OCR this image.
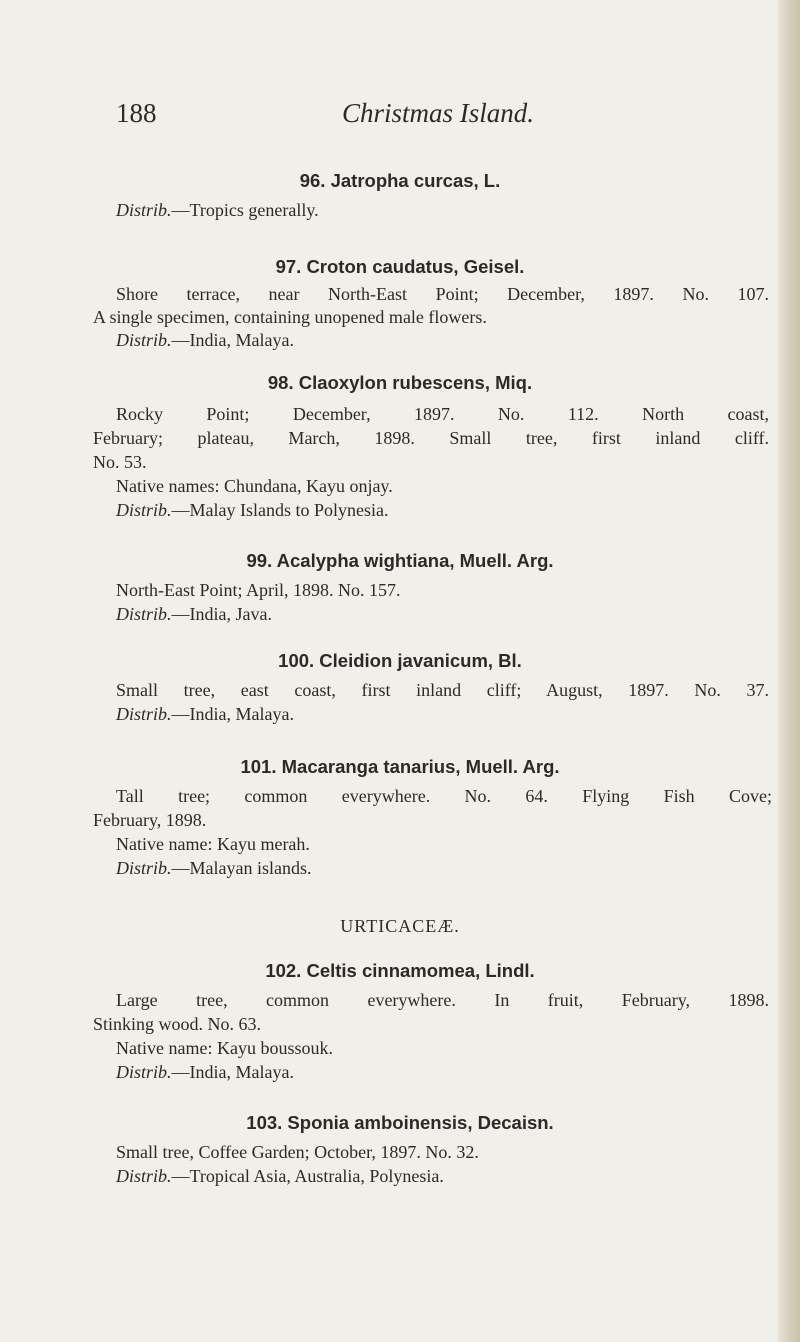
188	Christmas Island.
96. Jatropha curcas, L.
Distrib.—Tropics generally.
97. Croton caudatus, Geisel.
Shore terrace, near North-East Point; December, 1897. No. 107.
A single specimen, containing unopened male flowers.
Distrib.—India, Malaya.
98. Claoxylon rubescens, Miq.
Rocky Point; December, 1897. No. 112. North coast,
February; plateau, March, 1898. Small tree, first inland cliff.
No. 53.
Native names: Chundana, Kayu onjay.
Distrib.—Malay Islands to Polynesia.
99. Acalypha wightiana, Muell. Arg.
North-East Point; April, 1898. No. 157.
Distrib.—India, Java.
100. Cleidion javanicum, Bl.
Small tree, east coast, first inland cliff; August, 1897. No. 37.
Distrib.—India, Malaya.
101. Macaranga tanarius, Muell. Arg.
Tall tree; common everywhere. No. 64. Flying Fish Cove;
February, 1898.
Native name: Kayu merah.
Distrib.—Malayan islands.
URTICACEÆ.
102. Celtis cinnamomea, Lindl.
Large tree, common everywhere. In fruit, February, 1898.
Stinking wood. No. 63.
Native name: Kayu boussouk.
Distrib.—India, Malaya.
103. Sponia amboinensis, Decaisn.
Small tree, Coffee Garden; October, 1897. No. 32.
Distrib.—Tropical Asia, Australia, Polynesia.
